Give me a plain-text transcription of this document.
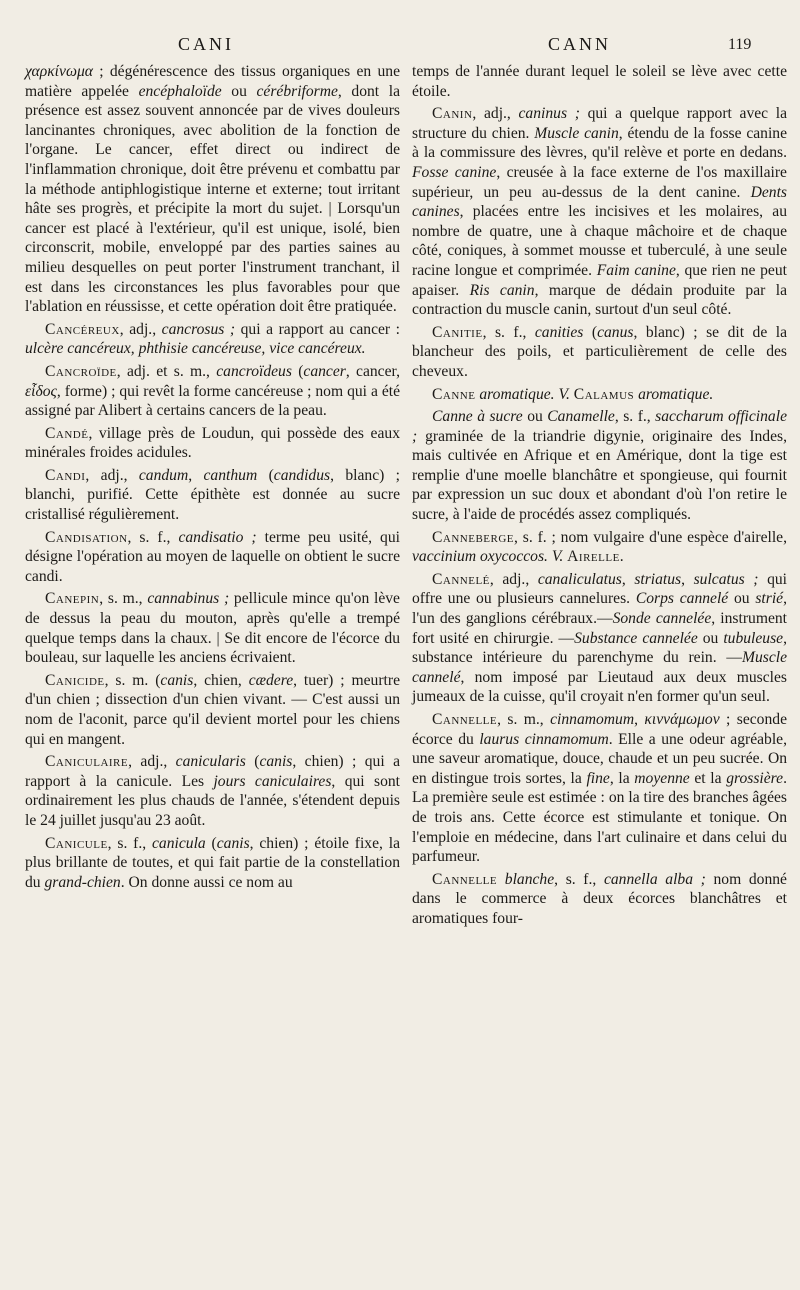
CANI	CANN	119

χαρκίνωμα ; dégénérescence des tissus organiques en une matière appelée encéphaloïde ou cérébriforme, dont la présence est assez souvent annoncée par de vives douleurs lancinantes chroniques, avec abolition de la fonction de l'organe. Le cancer, effet direct ou indirect de l'inflammation chronique, doit être prévenu et combattu par la méthode antiphlogistique interne et externe; tout irritant hâte ses progrès, et précipite la mort du sujet. | Lorsqu'un cancer est placé à l'extérieur, qu'il est unique, isolé, bien circonscrit, mobile, enveloppé par des parties saines au milieu desquelles on peut porter l'instrument tranchant, il est dans les circonstances les plus favorables pour que l'ablation en réussisse, et cette opération doit être pratiquée.

Cancéreux, adj., cancrosus ; qui a rapport au cancer : ulcère cancéreux, phthisie cancéreuse, vice cancéreux.

Cancroïde, adj. et s. m., cancroïdeus (cancer, cancer, εἶδος, forme) ; qui revêt la forme cancéreuse ; nom qui a été assigné par Alibert à certains cancers de la peau.

Candé, village près de Loudun, qui possède des eaux minérales froides acidules.

Candi, adj., candum, canthum (candidus, blanc) ; blanchi, purifié. Cette épithète est donnée au sucre cristallisé régulièrement.

Candisation, s. f., candisatio ; terme peu usité, qui désigne l'opération au moyen de laquelle on obtient le sucre candi.

Canepin, s. m., cannabinus ; pellicule mince qu'on lève de dessus la peau du mouton, après qu'elle a trempé quelque temps dans la chaux. | Se dit encore de l'écorce du bouleau, sur laquelle les anciens écrivaient.

Canicide, s. m. (canis, chien, cædere, tuer) ; meurtre d'un chien ; dissection d'un chien vivant. — C'est aussi un nom de l'aconit, parce qu'il devient mortel pour les chiens qui en mangent.

Caniculaire, adj., canicularis (canis, chien) ; qui a rapport à la canicule. Les jours caniculaires, qui sont ordinairement les plus chauds de l'année, s'étendent depuis le 24 juillet jusqu'au 23 août.

Canicule, s. f., canicula (canis, chien) ; étoile fixe, la plus brillante de toutes, et qui fait partie de la constellation du grand-chien. On donne aussi ce nom au

temps de l'année durant lequel le soleil se lève avec cette étoile.

Canin, adj., caninus ; qui a quelque rapport avec la structure du chien. Muscle canin, étendu de la fosse canine à la commissure des lèvres, qu'il relève et porte en dedans. Fosse canine, creusée à la face externe de l'os maxillaire supérieur, un peu au-dessus de la dent canine. Dents canines, placées entre les incisives et les molaires, au nombre de quatre, une à chaque mâchoire et de chaque côté, coniques, à sommet mousse et tuberculé, à une seule racine longue et comprimée. Faim canine, que rien ne peut apaiser. Ris canin, marque de dédain produite par la contraction du muscle canin, surtout d'un seul côté.

Canitie, s. f., canities (canus, blanc) ; se dit de la blancheur des poils, et particulièrement de celle des cheveux.

Canne aromatique. V. Calamus aromatique.

Canne à sucre ou Canamelle, s. f., saccharum officinale ; graminée de la triandrie digynie, originaire des Indes, mais cultivée en Afrique et en Amérique, dont la tige est remplie d'une moelle blanchâtre et spongieuse, qui fournit par expression un suc doux et abondant d'où l'on retire le sucre, à l'aide de procédés assez compliqués.

Canneberge, s. f. ; nom vulgaire d'une espèce d'airelle, vaccinium oxycoccos. V. Airelle.

Cannelé, adj., canaliculatus, striatus, sulcatus ; qui offre une ou plusieurs cannelures. Corps cannelé ou strié, l'un des ganglions cérébraux.—Sonde cannelée, instrument fort usité en chirurgie. —Substance cannelée ou tubuleuse, substance intérieure du parenchyme du rein. —Muscle cannelé, nom imposé par Lieutaud aux deux muscles jumeaux de la cuisse, qu'il croyait n'en former qu'un seul.

Cannelle, s. m., cinnamomum, κιννάμωμον ; seconde écorce du laurus cinnamomum. Elle a une odeur agréable, une saveur aromatique, douce, chaude et un peu sucrée. On en distingue trois sortes, la fine, la moyenne et la grossière. La première seule est estimée : on la tire des branches âgées de trois ans. Cette écorce est stimulante et tonique. On l'emploie en médecine, dans l'art culinaire et dans celui du parfumeur.

Cannelle blanche, s. f., cannella alba ; nom donné dans le commerce à deux écorces blanchâtres et aromatiques four-
